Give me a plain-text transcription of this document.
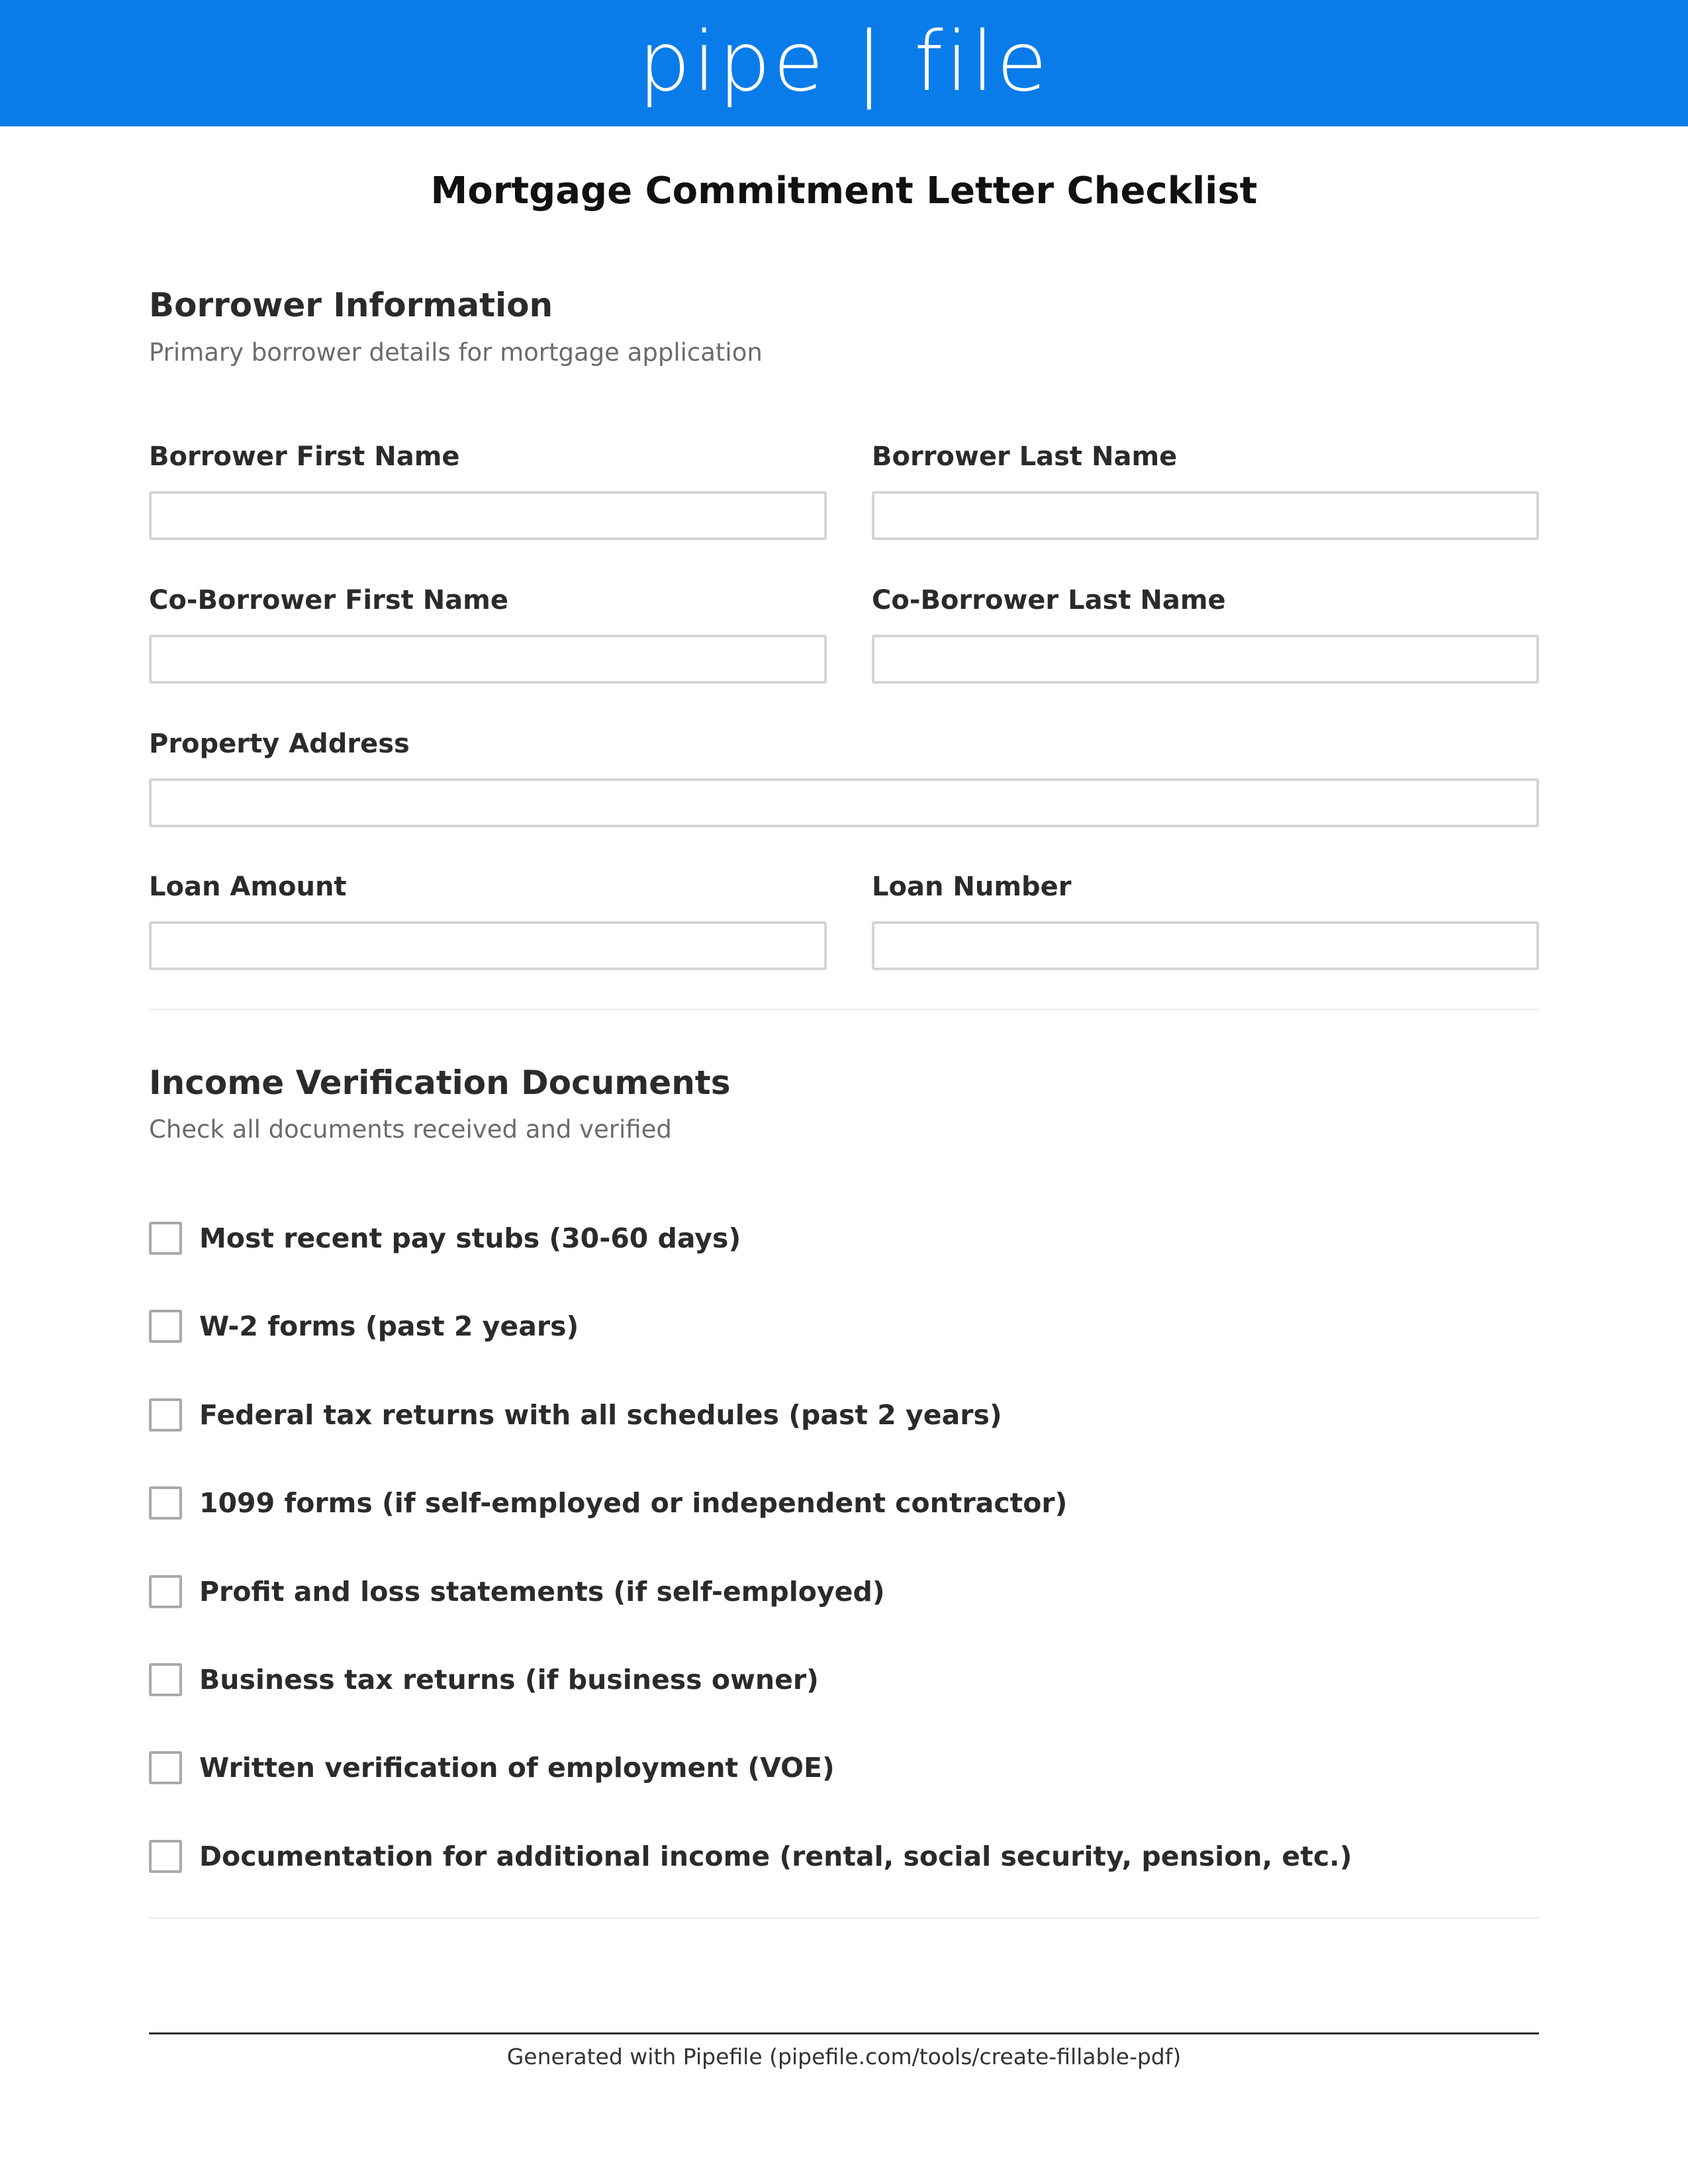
pipe | file
Mortgage Commitment Letter Checklist
Borrower Information
Primary borrower details for mortgage application
Borrower First Name	Borrower Last Name
Co-Borrower First Name	Co-Borrower Last Name
Property Address
Loan Amount	Loan Number
Income Verification Documents
Check all documents received and verified
Most recent pay stubs (30-60 days)
W-2 forms (past 2 years)
Federal tax returns with all schedules (past 2 years)
1099 forms (if self-employed or independent contractor)
Profit and loss statements (if self-employed)
Business tax returns (if business owner)
Written verification of employment (VOE)
Documentation for additional income (rental, social security, pension, etc.)
Generated with Pipefile (pipefile.com/tools/create-fillable-pdf)
